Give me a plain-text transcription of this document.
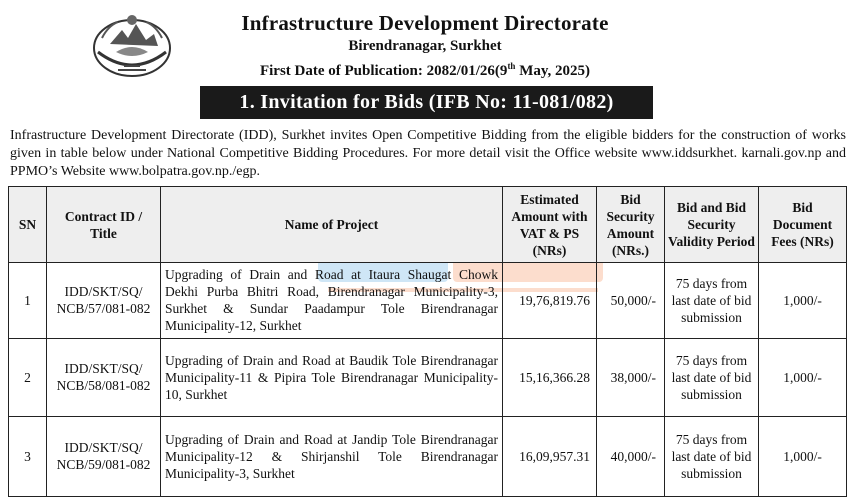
Infrastructure Development Directorate
Birendranagar, Surkhet
First Date of Publication: 2082/01/26(9th May, 2025)
1. Invitation for Bids (IFB No: 11-081/082)

Infrastructure Development Directorate (IDD), Surkhet invites Open Competitive Bidding from the eligible bidders for the construction of works given in table below under National Competitive Bidding Procedures. For more detail visit the Office website www.iddsurkhet. karnali.gov.np and PPMO’s Website www.bolpatra.gov.np./egp.

SN	Contract ID / Title	Name of Project	Estimated Amount with VAT & PS (NRs)	Bid Security Amount (NRs.)	Bid and Bid Security Validity Period	Bid Document Fees (NRs)
1	IDD/SKT/SQ/ NCB/57/081-082	Upgrading of Drain and Road at Itaura Shaugat Chowk Dekhi Purba Bhitri Road, Birendranagar Municipality-3, Surkhet & Sundar Paadampur Tole Birendranagar Municipality-12, Surkhet	19,76,819.76	50,000/-	75 days from last date of bid submission	1,000/-
2	IDD/SKT/SQ/ NCB/58/081-082	Upgrading of Drain and Road at Baudik Tole Birendranagar Municipality-11 & Pipira Tole Birendranagar Municipality-10, Surkhet	15,16,366.28	38,000/-	75 days from last date of bid submission	1,000/-
3	IDD/SKT/SQ/ NCB/59/081-082	Upgrading of Drain and Road at Jandip Tole Birendranagar Municipality-12 & Shirjanshil Tole Birendranagar Municipality-3, Surkhet	16,09,957.31	40,000/-	75 days from last date of bid submission	1,000/-
